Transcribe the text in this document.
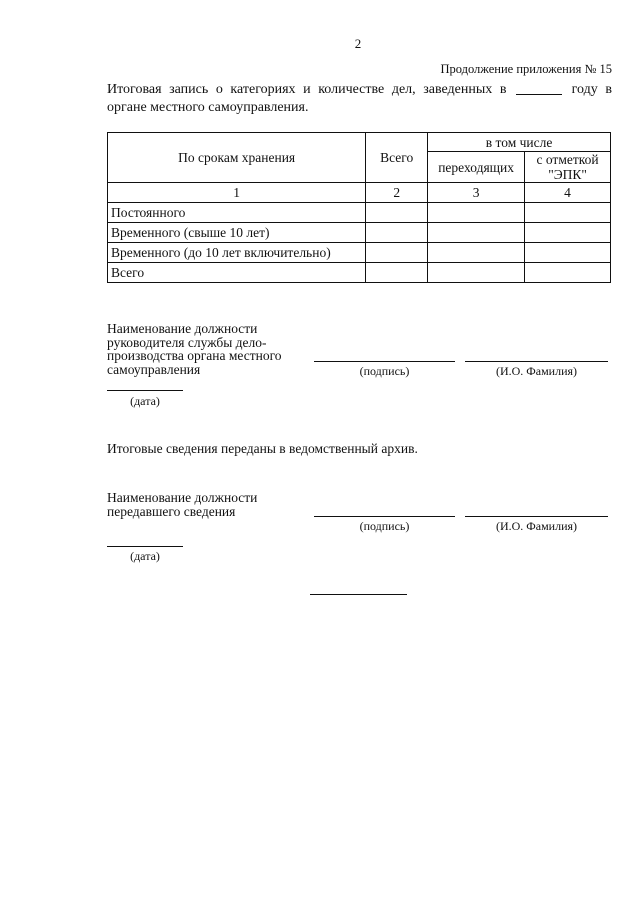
2
Продолжение приложения № 15
Итоговая запись о категориях и количестве дел, заведенных в	году в
органе местного самоуправления.
По срокам хранения	Всего	в том числе	
		переходящих	с отметкой "ЭПК"
1	2	3	4
Постоянного			
Временного (свыше 10 лет)			
Временного (до 10 лет включительно)			
Всего			
Наименование должности
руководителя службы дело-
производства органа местного
самоуправления	(подпись)	(И.О. Фамилия)
(дата)
Итоговые сведения переданы в ведомственный архив.
Наименование должности
передавшего сведения
(подпись)	(И.О. Фамилия)
(дата)
